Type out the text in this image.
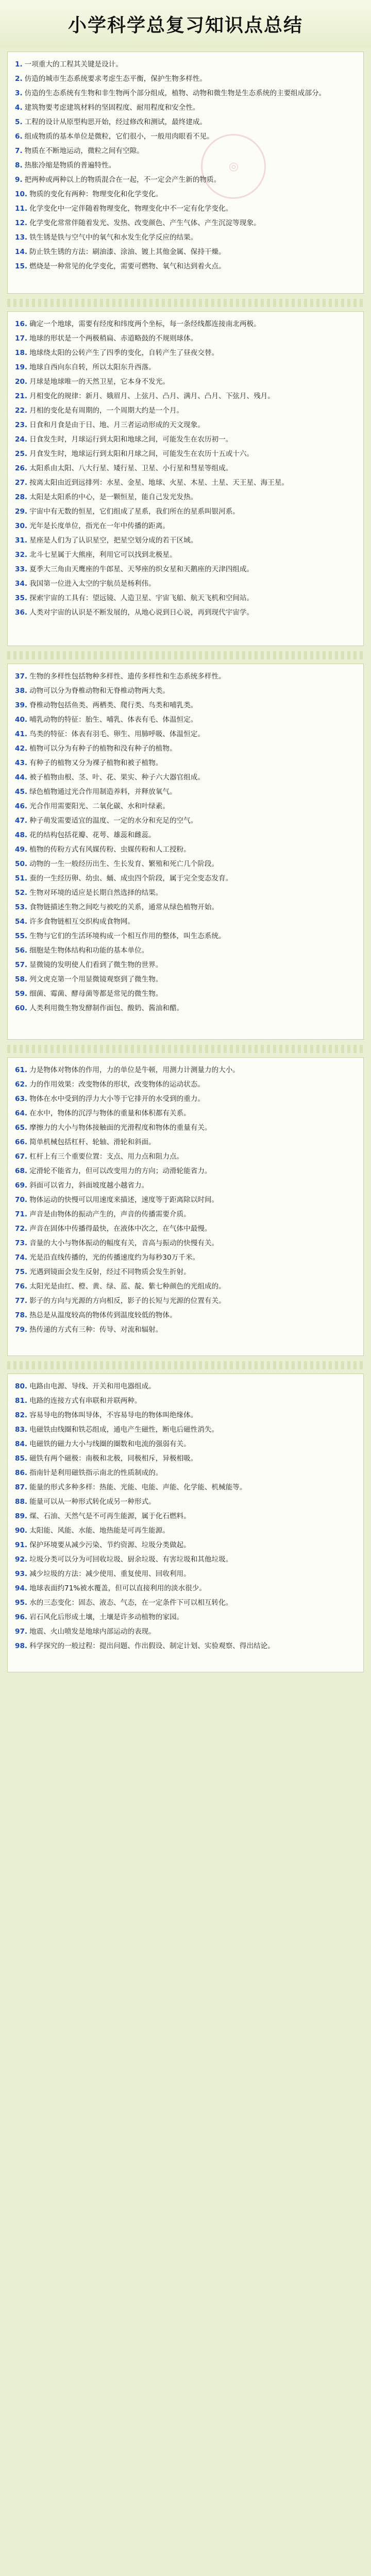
小学科学总复习知识点总结

1. 一项重大的工程其关键是设计。

2. 仿造的城市生态系统要求考虑生态平衡，保护生物多样性。

3. 仿造的生态系统有生物和非生物两个部分组成，植物、动物和微生物是生态系统的主要组成部分。

4. 建筑物要考虑建筑材料的坚固程度、耐用程度和安全性。

5. 工程的设计从原型构思开始，经过修改和测试，最终建成。

6. 组成物质的基本单位是微粒，它们很小，一般用肉眼看不见。

7. 物质在不断地运动，微粒之间有空隙。

8. 热胀冷缩是物质的普遍特性。

9. 把两种或两种以上的物质混合在一起，不一定会产生新的物质。

10. 物质的变化有两种：物理变化和化学变化。

11. 化学变化中一定伴随着物理变化，物理变化中不一定有化学变化。

12. 化学变化常常伴随着发光、发热、改变颜色、产生气体、产生沉淀等现象。

13. 铁生锈是铁与空气中的氧气和水发生化学反应的结果。

14. 防止铁生锈的方法：刷油漆、涂油、镀上其他金属、保持干燥。

15. 燃烧是一种常见的化学变化，需要可燃物、氧气和达到着火点。

16. 确定一个地球，需要有经度和纬度两个坐标，每一条经线都连接南北两极。

17. 地球的形状是一个两极稍扁、赤道略鼓的不规则球体。

18. 地球绕太阳的公转产生了四季的变化，自转产生了昼夜交替。

19. 地球自西向东自转，所以太阳东升西落。

20. 月球是地球唯一的天然卫星，它本身不发光。

21. 月相变化的规律：新月、娥眉月、上弦月、凸月、满月、凸月、下弦月、残月。

22. 月相的变化是有周期的，一个周期大约是一个月。

23. 日食和月食是由于日、地、月三者运动形成的天文现象。

24. 日食发生时，月球运行到太阳和地球之间，可能发生在农历初一。

25. 月食发生时，地球运行到太阳和月球之间，可能发生在农历十五或十六。

26. 太阳系由太阳、八大行星、矮行星、卫星、小行星和彗星等组成。

27. 按离太阳由近到远排列：水星、金星、地球、火星、木星、土星、天王星、海王星。

28. 太阳是太阳系的中心，是一颗恒星，能自己发光发热。

29. 宇宙中有无数的恒星，它们组成了星系，我们所在的星系叫银河系。

30. 光年是长度单位，指光在一年中传播的距离。

31. 星座是人们为了认识星空，把星空划分成的若干区域。

32. 北斗七星属于大熊座，利用它可以找到北极星。

33. 夏季大三角由天鹰座的牛郎星、天琴座的织女星和天鹅座的天津四组成。

34. 我国第一位进入太空的宇航员是杨利伟。

35. 探索宇宙的工具有：望远镜、人造卫星、宇宙飞船、航天飞机和空间站。

36. 人类对宇宙的认识是不断发展的，从地心说到日心说，再到现代宇宙学。

37. 生物的多样性包括物种多样性、遗传多样性和生态系统多样性。

38. 动物可以分为脊椎动物和无脊椎动物两大类。

39. 脊椎动物包括鱼类、两栖类、爬行类、鸟类和哺乳类。

40. 哺乳动物的特征：胎生、哺乳、体表有毛、体温恒定。

41. 鸟类的特征：体表有羽毛、卵生、用肺呼吸、体温恒定。

42. 植物可以分为有种子的植物和没有种子的植物。

43. 有种子的植物又分为裸子植物和被子植物。

44. 被子植物由根、茎、叶、花、果实、种子六大器官组成。

45. 绿色植物通过光合作用制造养料，并释放氧气。

46. 光合作用需要阳光、二氧化碳、水和叶绿素。

47. 种子萌发需要适宜的温度、一定的水分和充足的空气。

48. 花的结构包括花瓣、花萼、雄蕊和雌蕊。

49. 植物的传粉方式有风媒传粉、虫媒传粉和人工授粉。

50. 动物的一生一般经历出生、生长发育、繁殖和死亡几个阶段。

51. 蚕的一生经历卵、幼虫、蛹、成虫四个阶段，属于完全变态发育。

52. 生物对环境的适应是长期自然选择的结果。

53. 食物链描述生物之间吃与被吃的关系，通常从绿色植物开始。

54. 许多食物链相互交织构成食物网。

55. 生物与它们的生活环境构成一个相互作用的整体，叫生态系统。

56. 细胞是生物体结构和功能的基本单位。

57. 显微镜的发明使人们看到了微生物的世界。

58. 列文虎克第一个用显微镜观察到了微生物。

59. 细菌、霉菌、酵母菌等都是常见的微生物。

60. 人类利用微生物发酵制作面包、酸奶、酱油和醋。

61. 力是物体对物体的作用，力的单位是牛顿，用测力计测量力的大小。

62. 力的作用效果：改变物体的形状，改变物体的运动状态。

63. 物体在水中受到的浮力大小等于它排开的水受到的重力。

64. 在水中，物体的沉浮与物体的重量和体积都有关系。

65. 摩擦力的大小与物体接触面的光滑程度和物体的重量有关。

66. 简单机械包括杠杆、轮轴、滑轮和斜面。

67. 杠杆上有三个重要位置：支点、用力点和阻力点。

68. 定滑轮不能省力，但可以改变用力的方向；动滑轮能省力。

69. 斜面可以省力，斜面坡度越小越省力。

70. 物体运动的快慢可以用速度来描述，速度等于距离除以时间。

71. 声音是由物体的振动产生的，声音的传播需要介质。

72. 声音在固体中传播得最快，在液体中次之，在气体中最慢。

73. 音量的大小与物体振动的幅度有关，音高与振动的快慢有关。

74. 光是沿直线传播的，光的传播速度约为每秒30万千米。

75. 光遇到镜面会发生反射，经过不同物质会发生折射。

76. 太阳光是由红、橙、黄、绿、蓝、靛、紫七种颜色的光组成的。

77. 影子的方向与光源的方向相反，影子的长短与光源的位置有关。

78. 热总是从温度较高的物体传到温度较低的物体。

79. 热传递的方式有三种：传导、对流和辐射。

80. 电路由电源、导线、开关和用电器组成。

81. 电路的连接方式有串联和并联两种。

82. 容易导电的物体叫导体，不容易导电的物体叫绝缘体。

83. 电磁铁由线圈和铁芯组成，通电产生磁性，断电后磁性消失。

84. 电磁铁的磁力大小与线圈的圈数和电流的强弱有关。

85. 磁铁有两个磁极：南极和北极，同极相斥，异极相吸。

86. 指南针是利用磁铁指示南北的性质制成的。

87. 能量的形式多种多样：热能、光能、电能、声能、化学能、机械能等。

88. 能量可以从一种形式转化成另一种形式。

89. 煤、石油、天然气是不可再生能源，属于化石燃料。

90. 太阳能、风能、水能、地热能是可再生能源。

91. 保护环境要从减少污染、节约资源、垃圾分类做起。

92. 垃圾分类可以分为可回收垃圾、厨余垃圾、有害垃圾和其他垃圾。

93. 减少垃圾的方法：减少使用、重复使用、回收利用。

94. 地球表面约71%被水覆盖，但可以直接利用的淡水很少。

95. 水的三态变化：固态、液态、气态，在一定条件下可以相互转化。

96. 岩石风化后形成土壤，土壤是许多动植物的家园。

97. 地震、火山喷发是地球内部运动的表现。

98. 科学探究的一般过程：提出问题、作出假设、制定计划、实验观察、得出结论。

◎
